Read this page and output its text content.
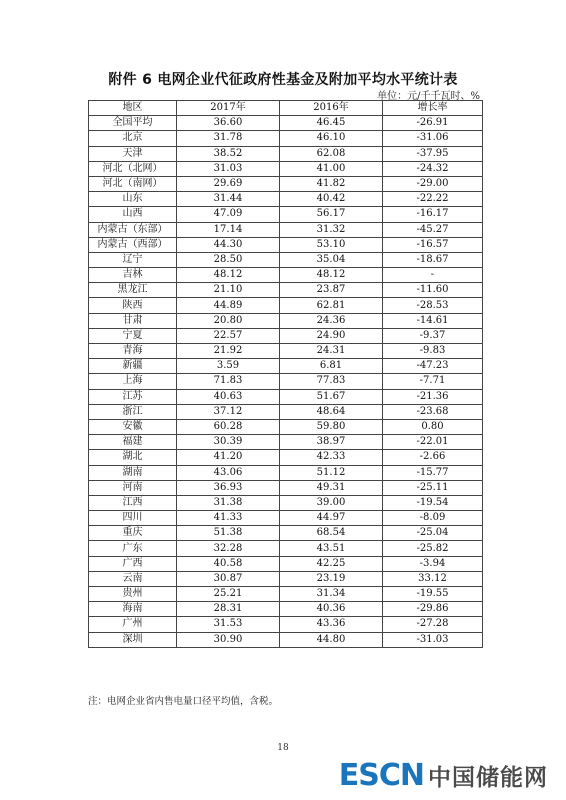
附件 6 电网企业代征政府性基金及附加平均水平统计表
单位：元/千千瓦时、%
地区	2017年	2016年	增长率
全国平均	36.60	46.45	-26.91
北京	31.78	46.10	-31.06
天津	38.52	62.08	-37.95
河北（北网）	31.03	41.00	-24.32
河北（南网）	29.69	41.82	-29.00
山东	31.44	40.42	-22.22
山西	47.09	56.17	-16.17
内蒙古（东部）	17.14	31.32	-45.27
内蒙古（西部）	44.30	53.10	-16.57
辽宁	28.50	35.04	-18.67
吉林	48.12	48.12	-
黑龙江	21.10	23.87	-11.60
陕西	44.89	62.81	-28.53
甘肃	20.80	24.36	-14.61
宁夏	22.57	24.90	-9.37
青海	21.92	24.31	-9.83
新疆	3.59	6.81	-47.23
上海	71.83	77.83	-7.71
江苏	40.63	51.67	-21.36
浙江	37.12	48.64	-23.68
安徽	60.28	59.80	0.80
福建	30.39	38.97	-22.01
湖北	41.20	42.33	-2.66
湖南	43.06	51.12	-15.77
河南	36.93	49.31	-25.11
江西	31.38	39.00	-19.54
四川	41.33	44.97	-8.09
重庆	51.38	68.54	-25.04
广东	32.28	43.51	-25.82
广西	40.58	42.25	-3.94
云南	30.87	23.19	33.12
贵州	25.21	31.34	-19.55
海南	28.31	40.36	-29.86
广州	31.53	43.36	-27.28
深圳	30.90	44.80	-31.03
注：电网企业省内售电量口径平均值，含税。
18
ESCN 中国储能网
